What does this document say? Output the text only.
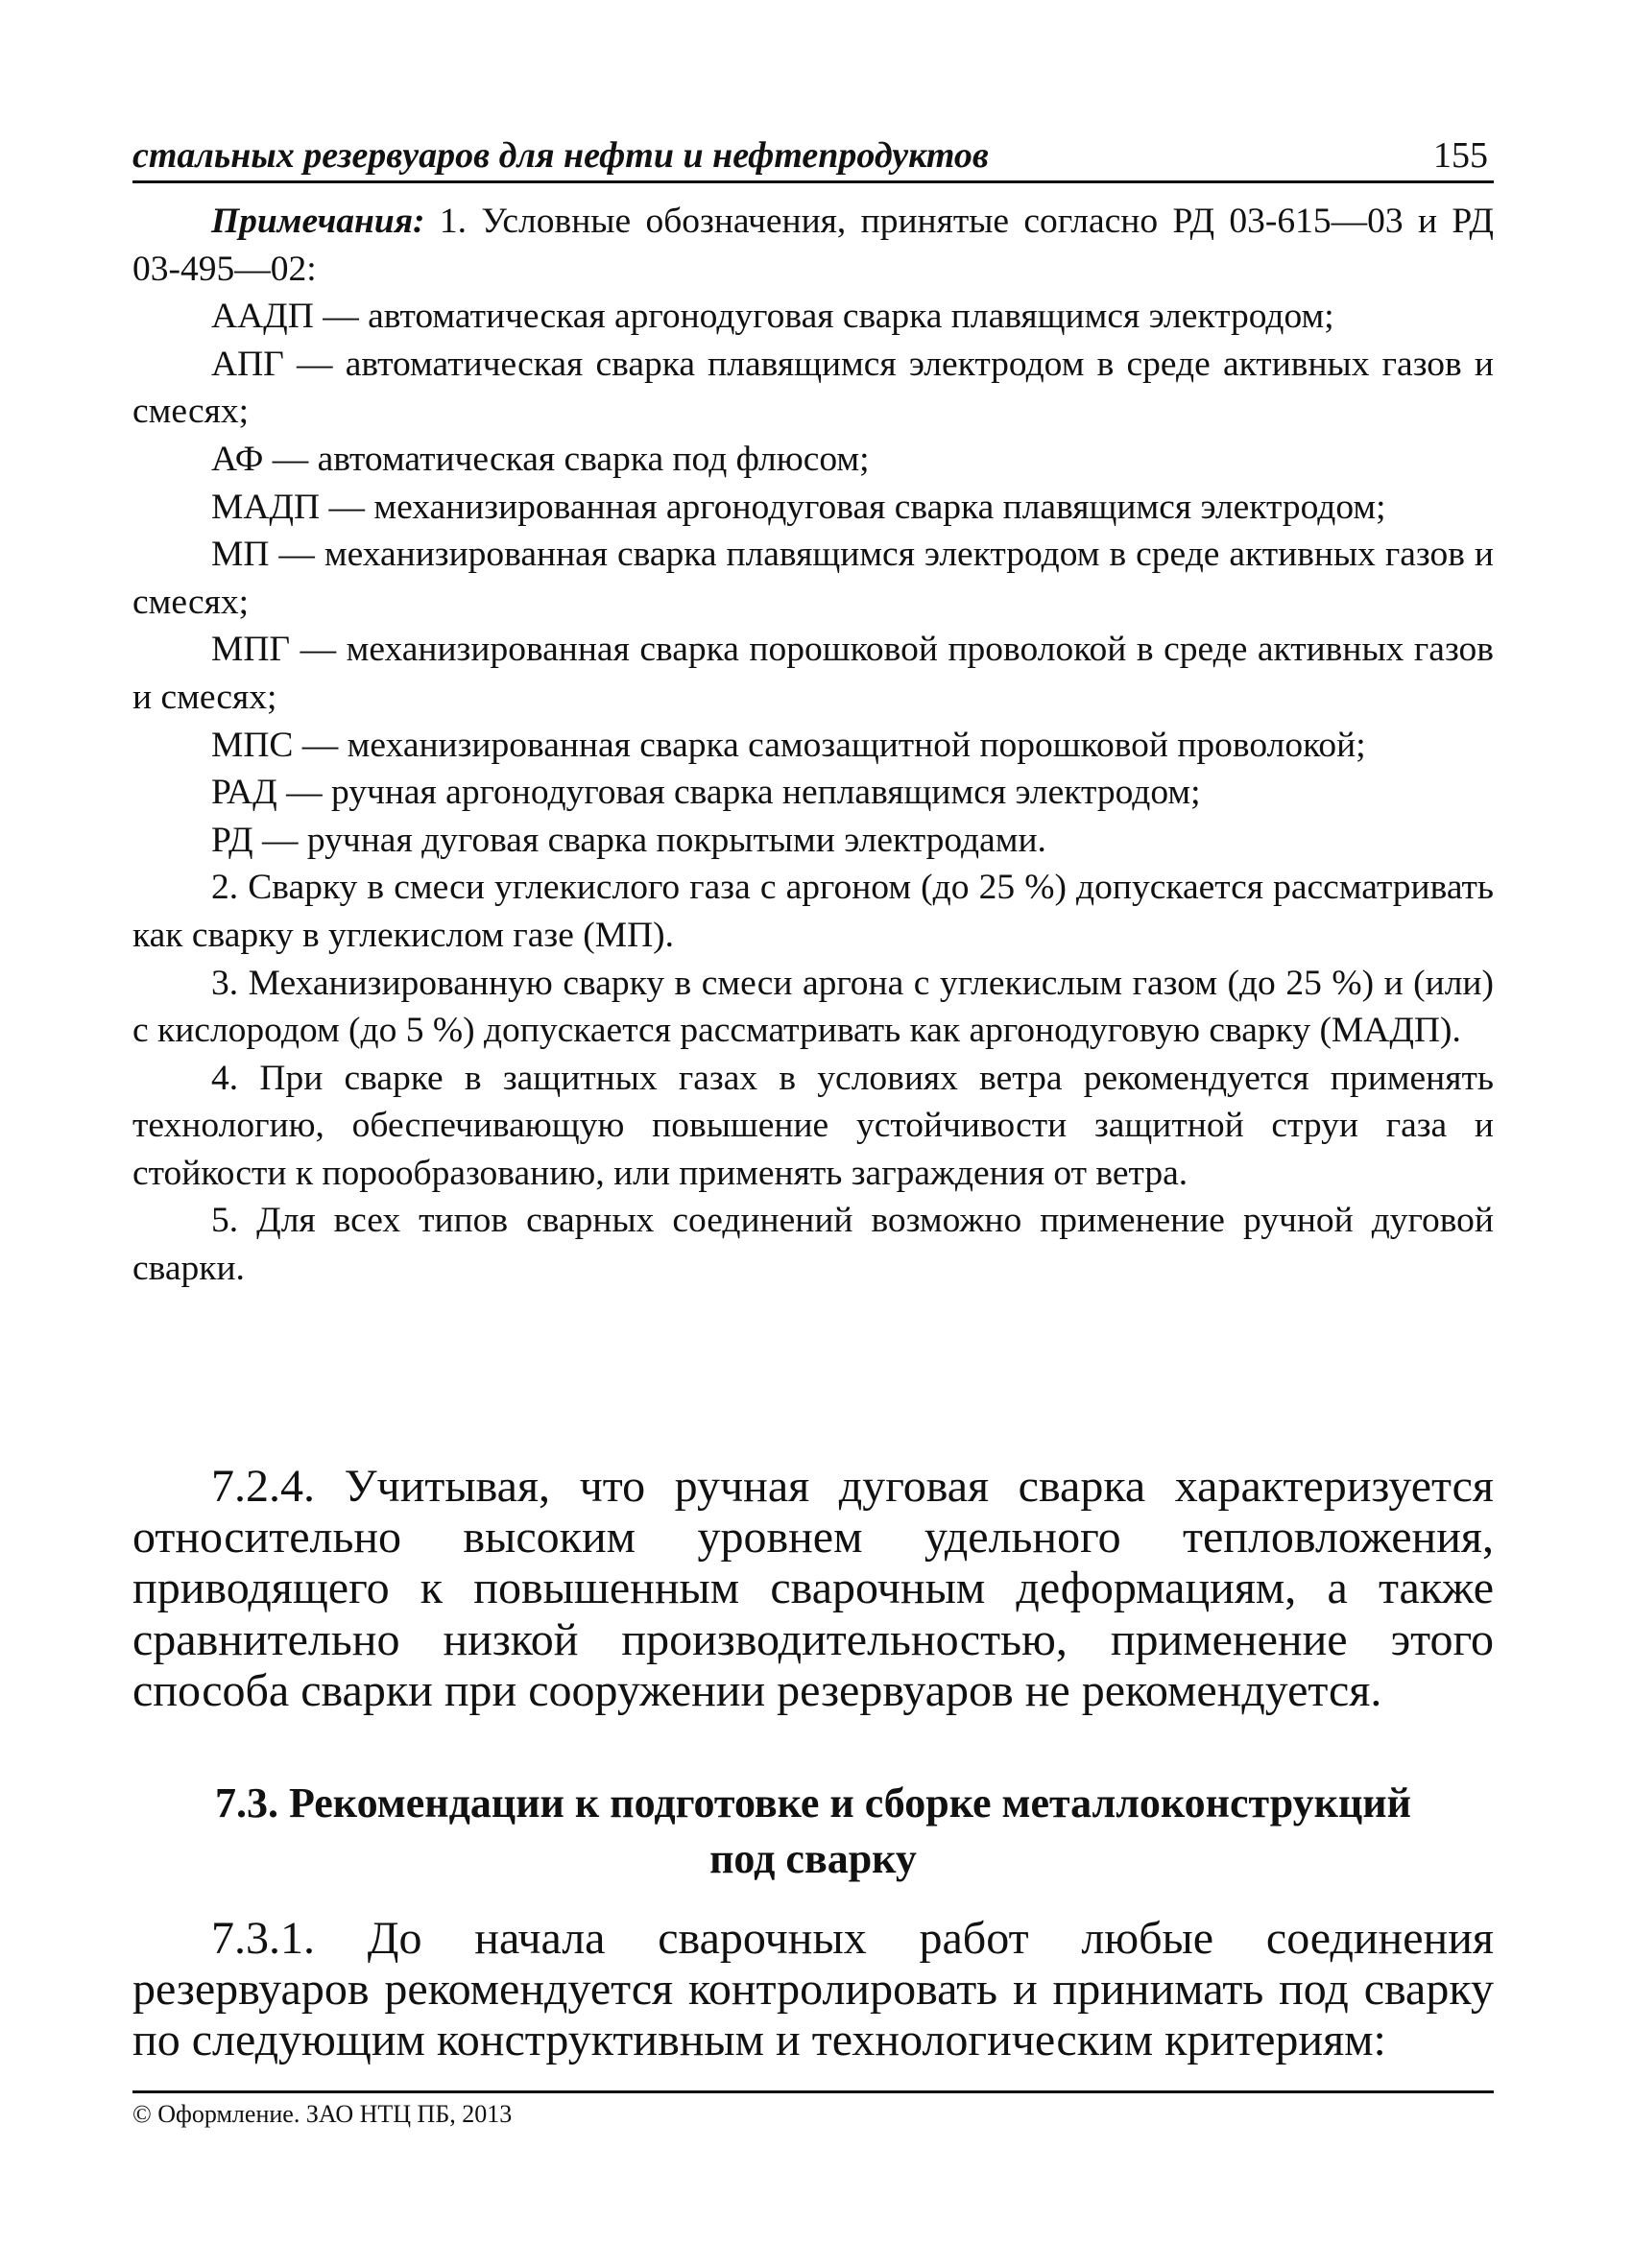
стальных резервуаров для нефти и нефтепродуктов	155

Примечания: 1. Условные обозначения, принятые согласно РД 03-615—03 и РД 03-495—02:

ААДП — автоматическая аргонодуговая сварка плавящимся электродом;

АПГ — автоматическая сварка плавящимся электродом в среде активных газов и смесях;

АФ — автоматическая сварка под флюсом;

МАДП — механизированная аргонодуговая сварка плавящимся электродом;

МП — механизированная сварка плавящимся электродом в среде активных газов и смесях;

МПГ — механизированная сварка порошковой проволокой в среде активных газов и смесях;

МПС — механизированная сварка самозащитной порошковой проволокой;

РАД — ручная аргонодуговая сварка неплавящимся электродом;

РД — ручная дуговая сварка покрытыми электродами.

2. Сварку в смеси углекислого газа с аргоном (до 25 %) допускается рассматривать как сварку в углекислом газе (МП).

3. Механизированную сварку в смеси аргона с углекислым газом (до 25 %) и (или) с кислородом (до 5 %) допускается рассматривать как аргонодуговую сварку (МАДП).

4. При сварке в защитных газах в условиях ветра рекомендуется применять технологию, обеспечивающую повышение устойчивости защитной струи газа и стойкости к порообразованию, или применять заграждения от ветра.

5. Для всех типов сварных соединений возможно применение ручной дуговой сварки.

7.2.4. Учитывая, что ручная дуговая сварка характеризуется относительно высоким уровнем удельного тепловложения, приводящего к повышенным сварочным деформациям, а также сравнительно низкой производительностью, применение этого способа сварки при сооружении резервуаров не рекомендуется.

7.3. Рекомендации к подготовке и сборке металлоконструкций
под сварку

7.3.1. До начала сварочных работ любые соединения резервуаров рекомендуется контролировать и принимать под сварку по следующим конструктивным и технологическим критериям:

© Оформление. ЗАО НТЦ ПБ, 2013
